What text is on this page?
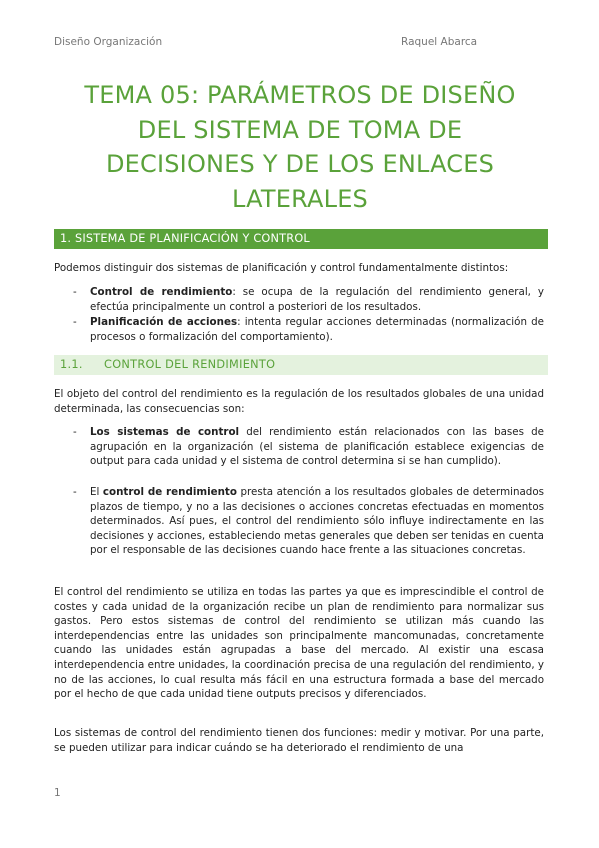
Diseño Organización	Raquel Abarca
TEMA 05: PARÁMETROS DE DISEÑO
DEL SISTEMA DE TOMA DE
DECISIONES Y DE LOS ENLACES
LATERALES
1. SISTEMA DE PLANIFICACIÓN Y CONTROL

Podemos distinguir dos sistemas de planificación y control fundamentalmente distintos:

- Control de rendimiento: se ocupa de la regulación del rendimiento general, y efectúa principalmente un control a posteriori de los resultados.
- Planificación de acciones: intenta regular acciones determinadas (normalización de procesos o formalización del comportamiento).
1.1. CONTROL DEL RENDIMIENTO

El objeto del control del rendimiento es la regulación de los resultados globales de una unidad determinada, las consecuencias son:

- Los sistemas de control del rendimiento están relacionados con las bases de agrupación en la organización (el sistema de planificación establece exigencias de output para cada unidad y el sistema de control determina si se han cumplido).
- El control de rendimiento presta atención a los resultados globales de determinados plazos de tiempo, y no a las decisiones o acciones concretas efectuadas en momentos determinados. Así pues, el control del rendimiento sólo influye indirectamente en las decisiones y acciones, estableciendo metas generales que deben ser tenidas en cuenta por el responsable de las decisiones cuando hace frente a las situaciones concretas.

El control del rendimiento se utiliza en todas las partes ya que es imprescindible el control de costes y cada unidad de la organización recibe un plan de rendimiento para normalizar sus gastos. Pero estos sistemas de control del rendimiento se utilizan más cuando las interdependencias entre las unidades son principalmente mancomunadas, concretamente cuando las unidades están agrupadas a base del mercado. Al existir una escasa interdependencia entre unidades, la coordinación precisa de una regulación del rendimiento, y no de las acciones, lo cual resulta más fácil en una estructura formada a base del mercado por el hecho de que cada unidad tiene outputs precisos y diferenciados.

Los sistemas de control del rendimiento tienen dos funciones: medir y motivar. Por una parte, se pueden utilizar para indicar cuándo se ha deteriorado el rendimiento de una

1
